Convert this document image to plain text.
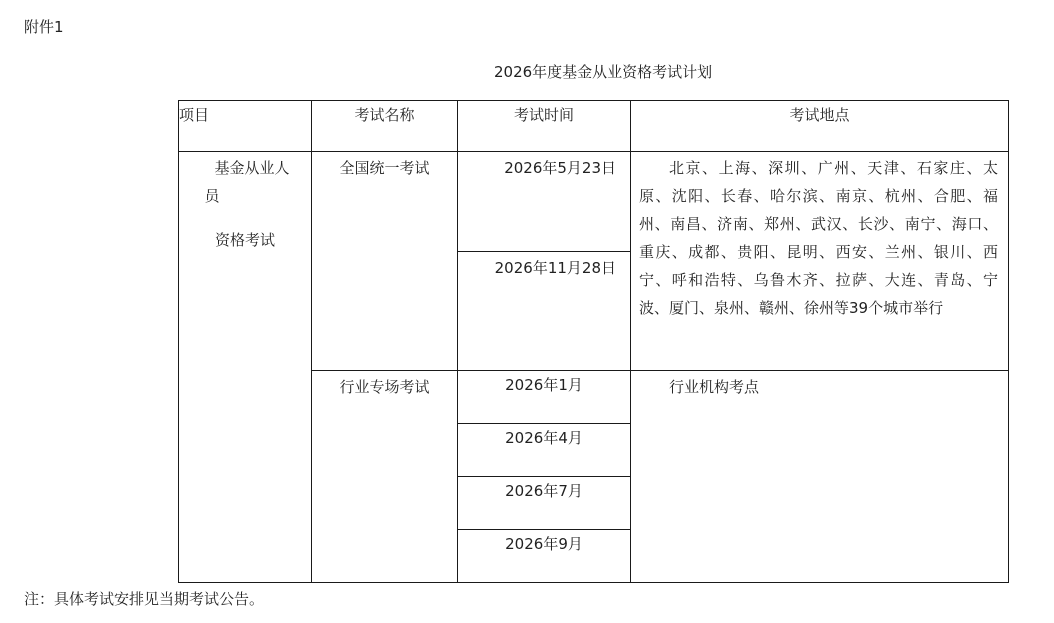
附件1
2026年度基金从业资格考试计划
项目	考试名称	考试时间	考试地点

基金从业人
员
资格考试	全国统一考试	2026年5月23日	北京、上海、深圳、广州、天津、石家庄、太原、沈阳、长春、哈尔滨、南京、杭州、合肥、福州、南昌、济南、郑州、武汉、长沙、南宁、海口、重庆、成都、贵阳、昆明、西安、兰州、银川、西宁、呼和浩特、乌鲁木齐、拉萨、大连、青岛、宁波、厦门、泉州、赣州、徐州等39个城市举行
		2026年11月28日	
	行业专场考试	2026年1月	行业机构考点
		2026年4月	
		2026年7月	
		2026年9月	
注：具体考试安排见当期考试公告。
